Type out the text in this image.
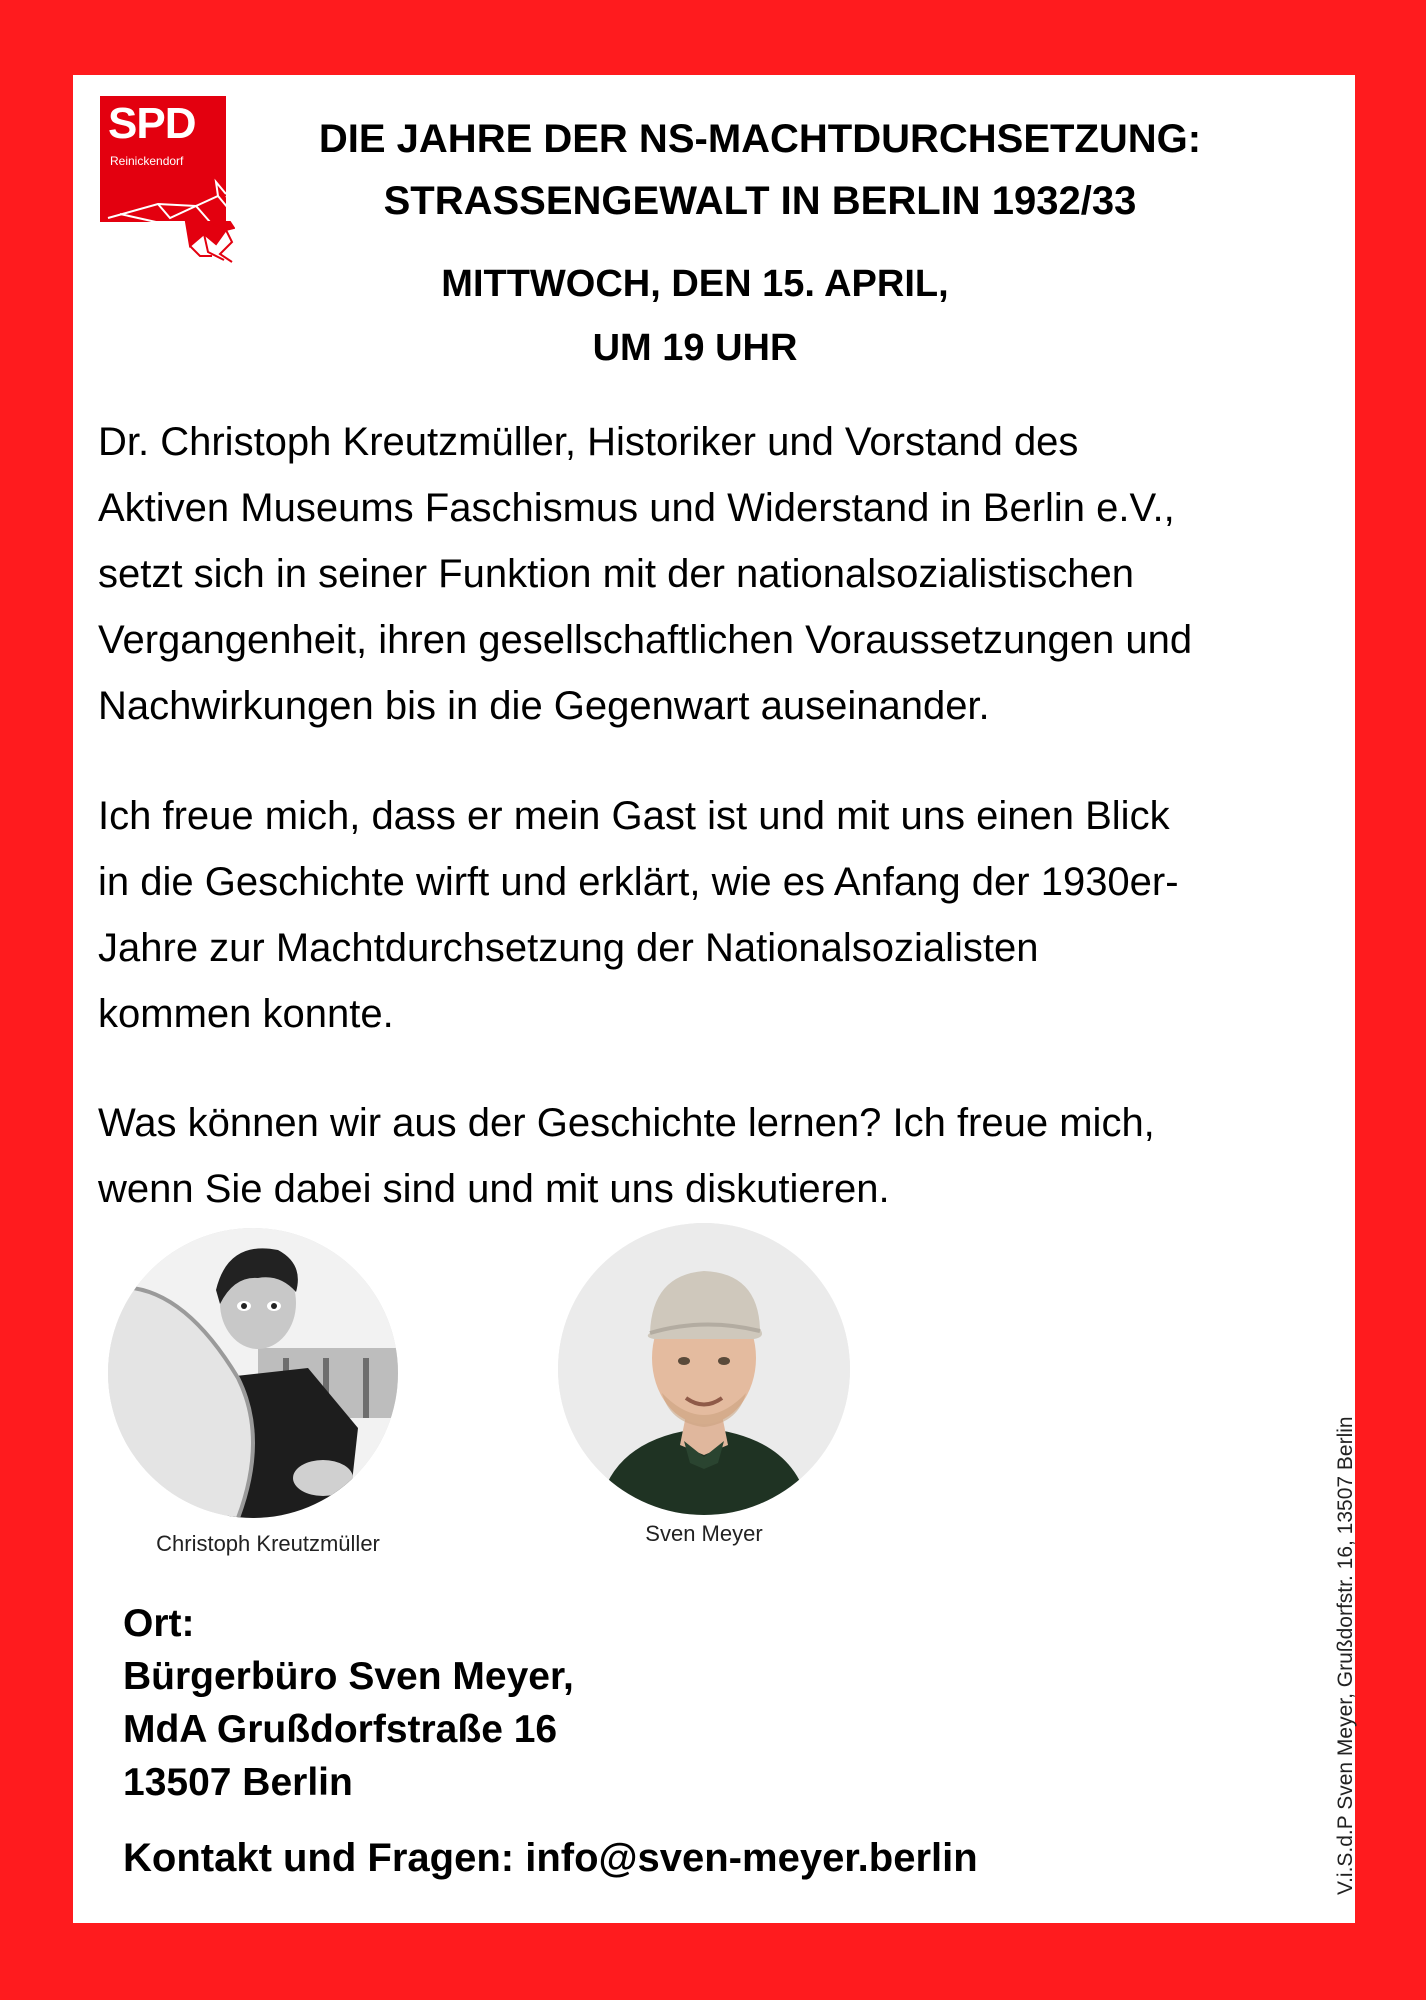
SPD
Reinickendorf	DIE JAHRE DER NS-MACHTDURCHSETZUNG:
STRASSENGEWALT IN BERLIN 1932/33
MITTWOCH, DEN 15. APRIL,
UM 19 UHR
Dr. Christoph Kreutzmüller, Historiker und Vorstand des
Aktiven Museums Faschismus und Widerstand in Berlin e.V.,
setzt sich in seiner Funktion mit der nationalsozialistischen
Vergangenheit, ihren gesellschaftlichen Voraussetzungen und
Nachwirkungen bis in die Gegenwart auseinander.
Ich freue mich, dass er mein Gast ist und mit uns einen Blick
in die Geschichte wirft und erklärt, wie es Anfang der 1930er-
Jahre zur Machtdurchsetzung der Nationalsozialisten
kommen konnte.
Was können wir aus der Geschichte lernen? Ich freue mich,
wenn Sie dabei sind und mit uns diskutieren.
Christoph Kreutzmüller	Sven Meyer
Ort:
Bürgerbüro Sven Meyer,
MdA Grußdorfstraße 16
13507 Berlin
Kontakt und Fragen: info@sven-meyer.berlin	V.i.S.d.P Sven Meyer, Grußdorfstr. 16, 13507 Berlin
